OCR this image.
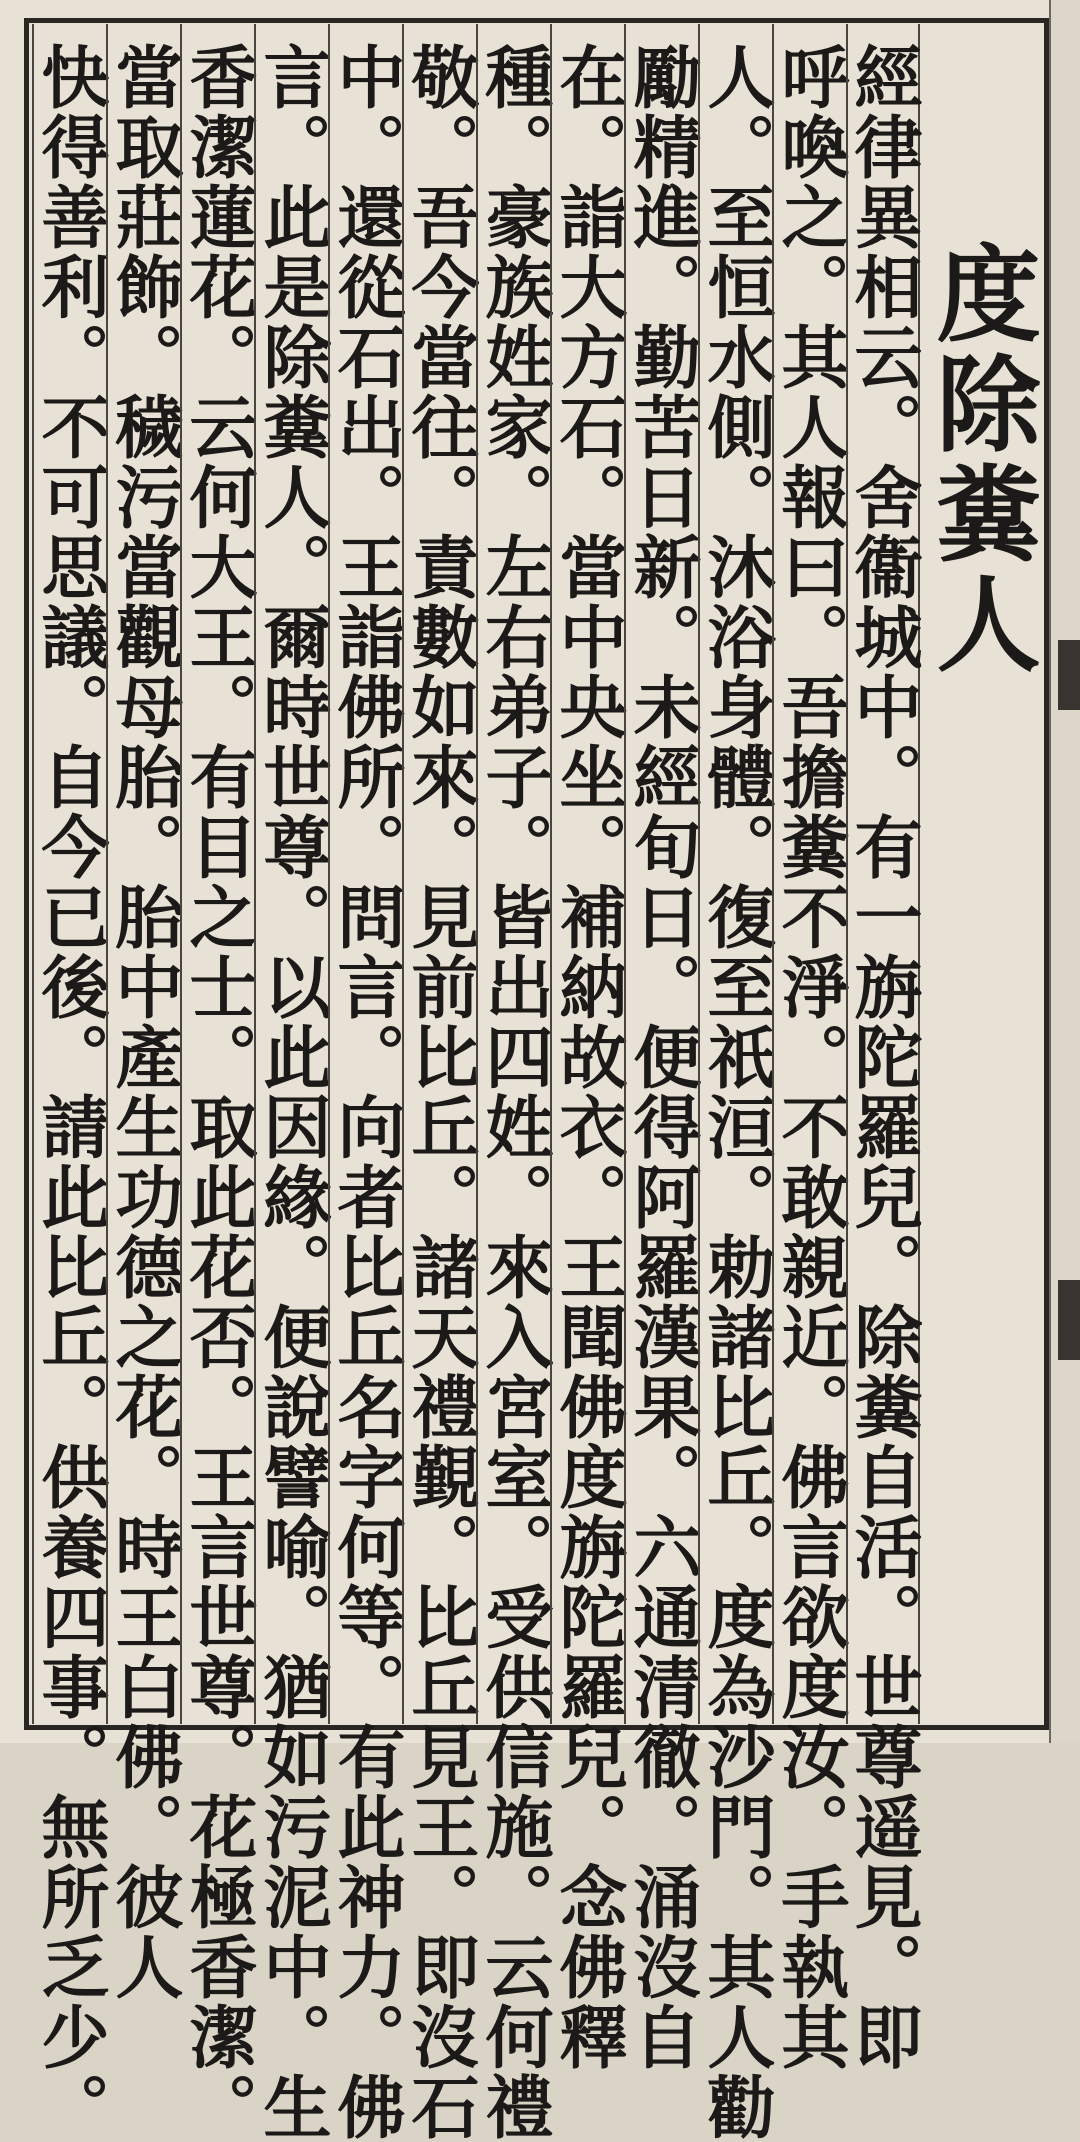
度除糞人
經律異相云。舍衞城中。有一旃陀羅兒。除糞自活。世尊遥見。即
呼喚之。其人報曰。吾擔糞不淨。不敢親近。佛言欲度汝。手執其
人。至恒水側。沐浴身體。復至祇洹。勅諸比丘。度為沙門。其人勸
勵精進。勤苦日新。未經旬日。便得阿羅漢果。六通清徹。涌沒自
在。詣大方石。當中央坐。補納故衣。王聞佛度旃陀羅兒。念佛釋
種。豪族姓家。左右弟子。皆出四姓。來入宮室。受供信施。云何禮
敬。吾今當往。責數如來。見前比丘。諸天禮覲。比丘見王。即沒石
中。還從石出。王詣佛所。問言。向者比丘名字何等。有此神力。佛
言。此是除糞人。爾時世尊。以此因緣。便說譬喻。猶如污泥中。生
香潔蓮花。云何大王。有目之士。取此花否。王言世尊。花極香潔。
當取莊飾。穢污當觀母胎。胎中產生功德之花。時王白佛。彼人
快得善利。不可思議。自今已後。請此比丘。供養四事。無所乏少。
